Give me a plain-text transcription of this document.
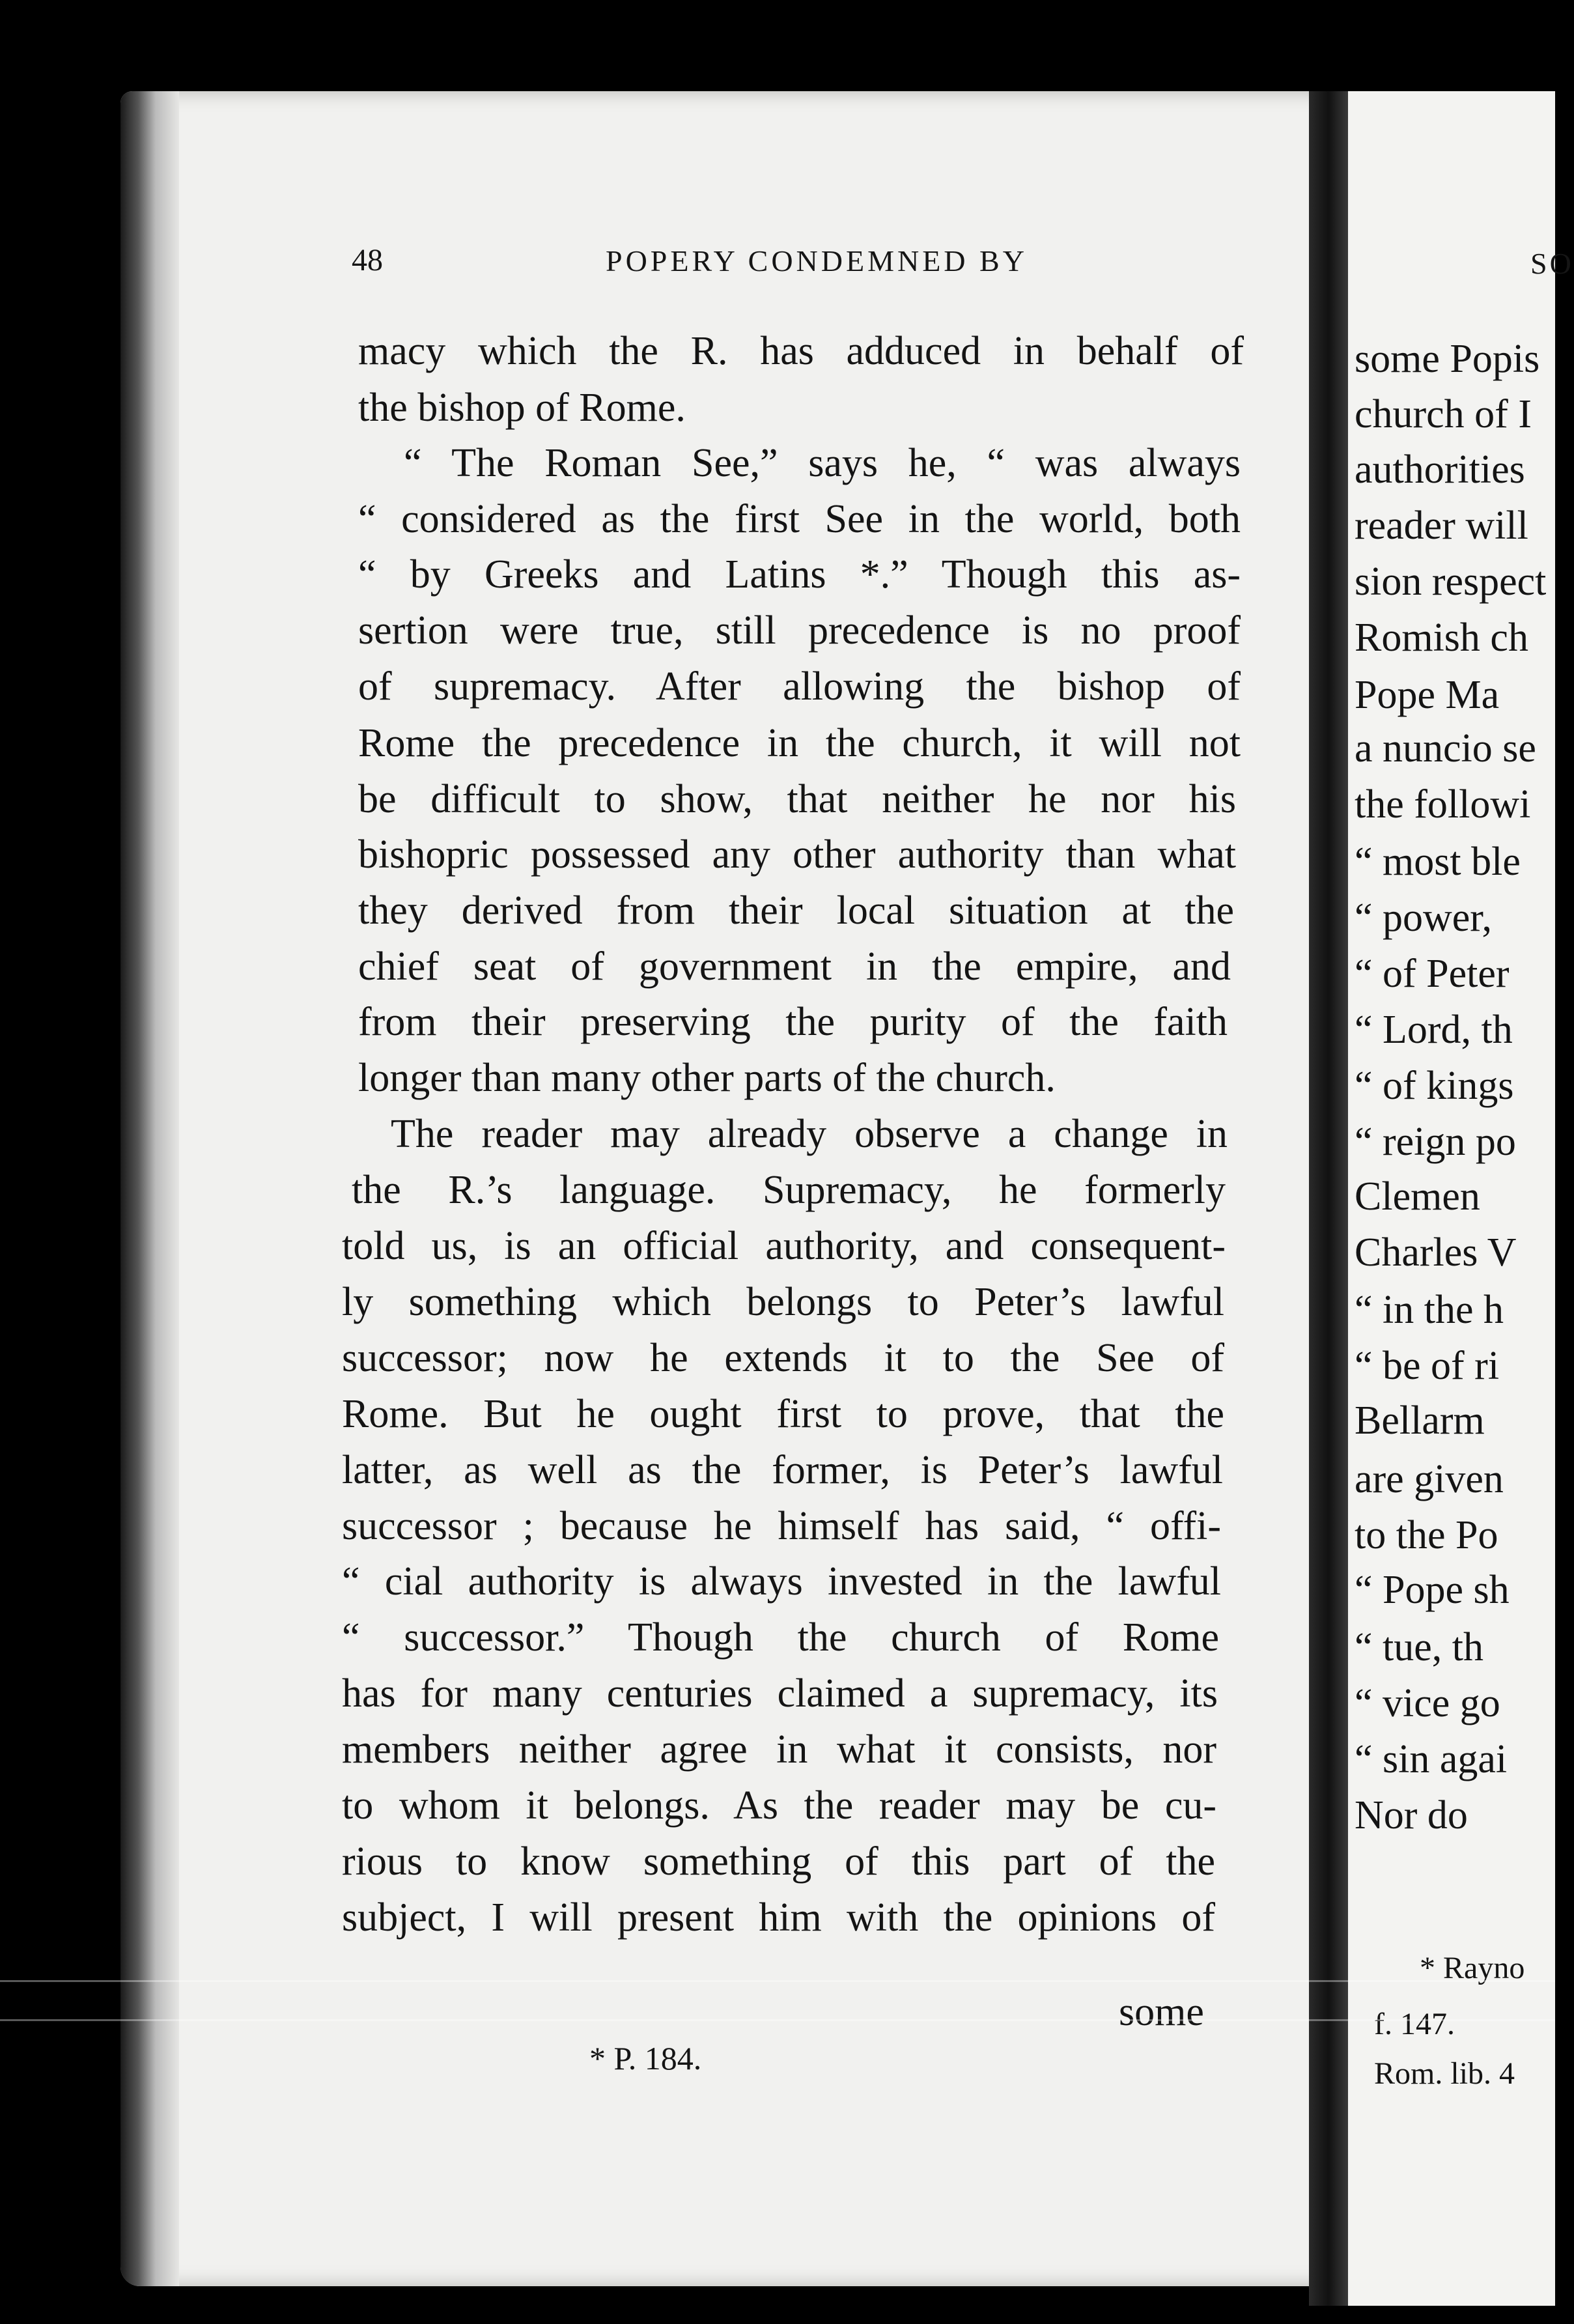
48	POPERY CONDEMNED BY
macy which the R. has adduced in behalf of
the bishop of Rome.
“ The Roman See,” says he, “ was always
“ considered as the first See in the world, both
“ by Greeks and Latins *.” Though this as-
sertion were true, still precedence is no proof
of supremacy. After allowing the bishop of
Rome the precedence in the church, it will not
be difficult to show, that neither he nor his
bishopric possessed any other authority than what
they derived from their local situation at the
chief seat of government in the empire, and
from their preserving the purity of the faith
longer than many other parts of the church.
The reader may already observe a change in
the R.’s language. Supremacy, he formerly
told us, is an official authority, and consequent-
ly something which belongs to Peter’s lawful
successor; now he extends it to the See of
Rome. But he ought first to prove, that the
latter, as well as the former, is Peter’s lawful
successor ; because he himself has said, “ offi-
“ cial authority is always invested in the lawful
“ successor.” Though the church of Rome
has for many centuries claimed a supremacy, its
members neither agree in what it consists, nor
to whom it belongs. As the reader may be cu-
rious to know something of this part of the
subject, I will present him with the opinions of
some
* P. 184.
SO
some Popis
church of I
authorities
reader will
sion respect
Romish ch
Pope Ma
a nuncio se
the followi
“ most ble
“ power,
“ of Peter
“ Lord, th
“ of kings
“ reign po
Clemen
Charles V
“ in the h
“ be of ri
Bellarm
are given
to the Po
“ Pope sh
“ tue, th
“ vice go
“ sin agai
Nor do
* Rayno
f. 147.
Rom. lib. 4
